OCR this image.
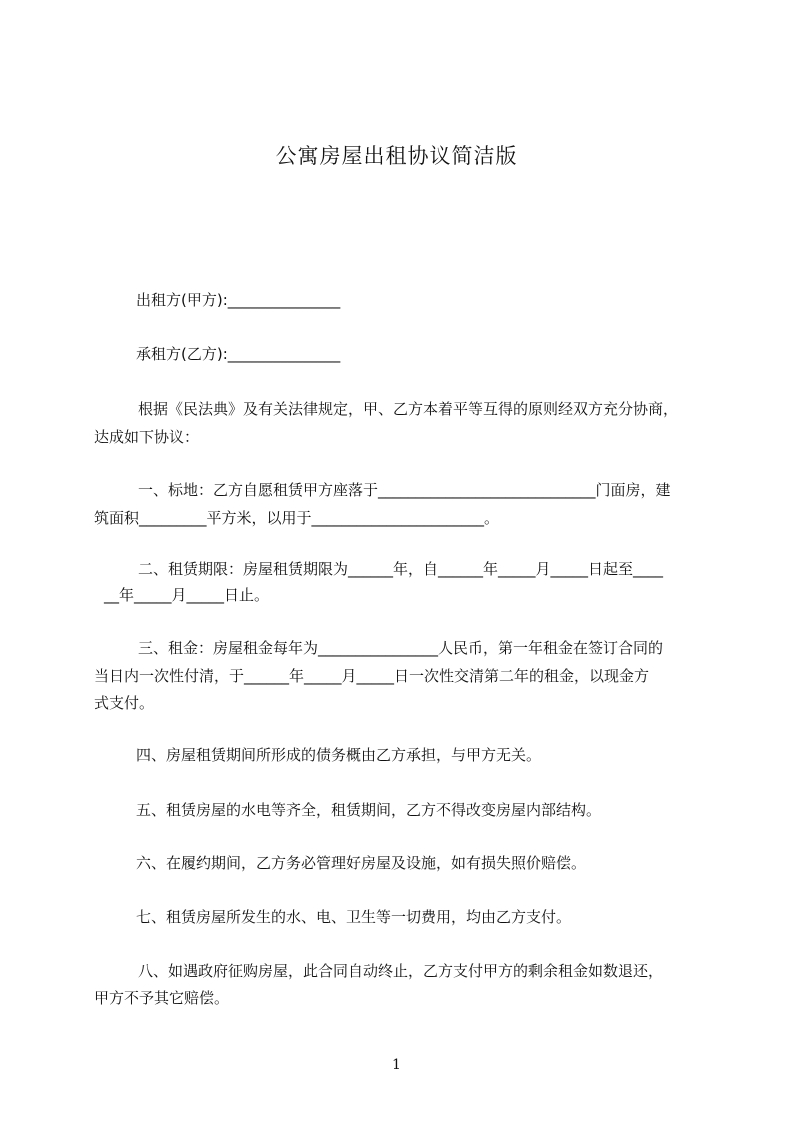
公寓房屋出租协议简洁版
出租方(甲方):_______________
承租方(乙方):_______________
根据《民法典》及有关法律规定，甲、乙方本着平等互得的原则经双方充分协商，
达成如下协议：
一、标地：乙方自愿租赁甲方座落于_____________________________门面房，建
筑面积_________平方米，以用于_______________________。
二、租赁期限：房屋租赁期限为______年，自______年_____月_____日起至____
__年_____月_____日止。
三、租金：房屋租金每年为________________人民币，第一年租金在签订合同的
当日内一次性付清，于______年_____月_____日一次性交清第二年的租金，以现金方
式支付。
四、房屋租赁期间所形成的债务概由乙方承担，与甲方无关。
五、租赁房屋的水电等齐全，租赁期间，乙方不得改变房屋内部结构。
六、在履约期间，乙方务必管理好房屋及设施，如有损失照价赔偿。
七、租赁房屋所发生的水、电、卫生等一切费用，均由乙方支付。
八、如遇政府征购房屋，此合同自动终止，乙方支付甲方的剩余租金如数退还，
甲方不予其它赔偿。
1
